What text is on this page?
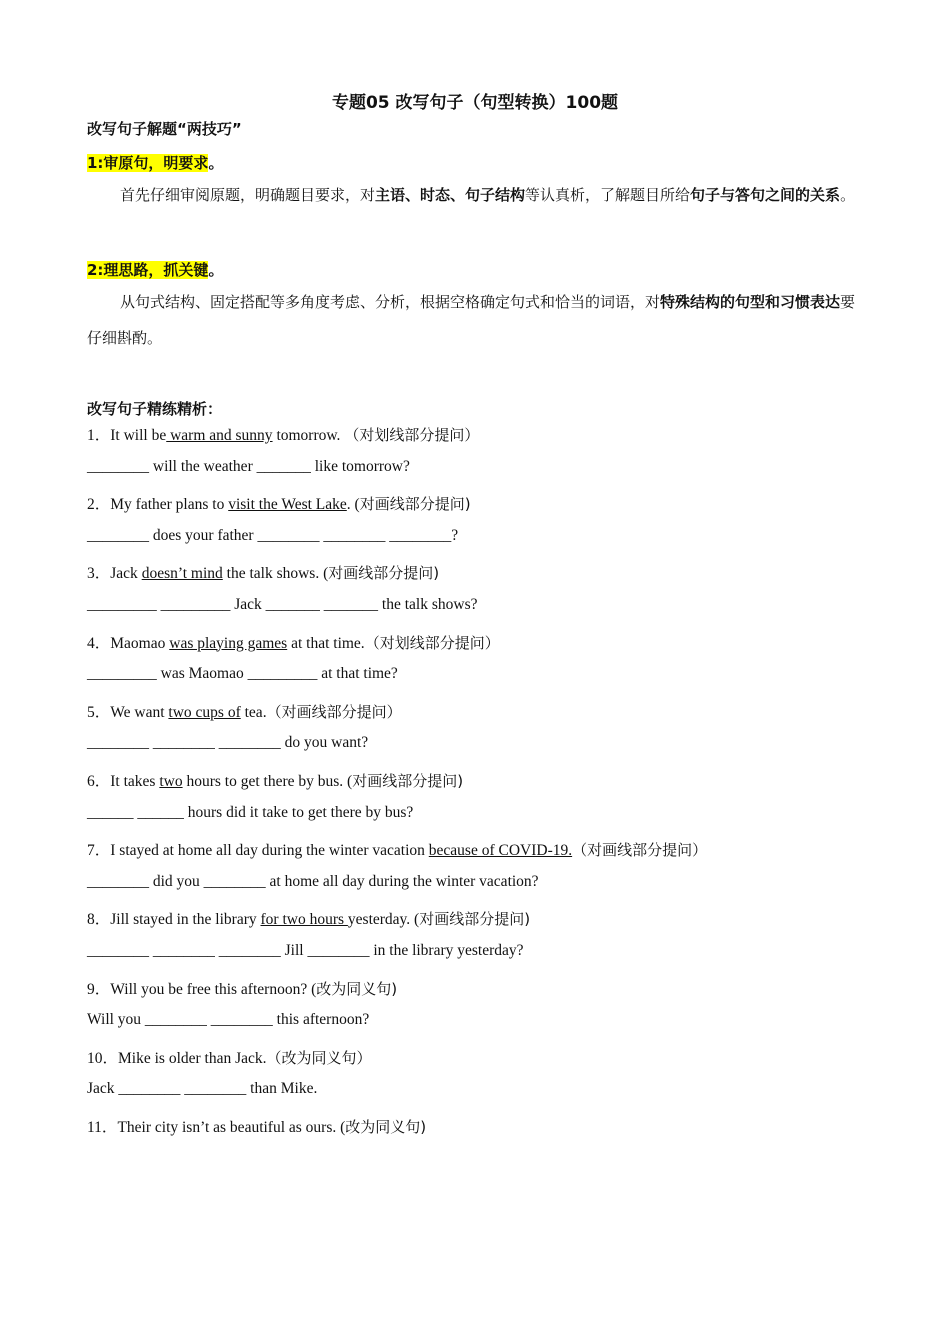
专题05 改写句子（句型转换）100题
改写句子解题“两技巧”
1:审原句，明要求。
首先仔细审阅原题，明确题目要求，对主语、时态、句子结构等认真析，了解题目所给句子与答句之间的关系。
2:理思路，抓关键。
从句式结构、固定搭配等多角度考虑、分析，根据空格确定句式和恰当的词语，对特殊结构的句型和习惯表达要仔细斟酌。
改写句子精练精析：
1．It will be warm and sunny tomorrow. （对划线部分提问）
________ will the weather _______ like tomorrow?
2．My father plans to visit the West Lake. (对画线部分提问)
________ does your father ________ ________ ________?
3．Jack doesn’t mind the talk shows. (对画线部分提问)
_________ _________ Jack _______ _______ the talk shows?
4．Maomao was playing games at that time.（对划线部分提问）
_________ was Maomao _________ at that time?
5．We want two cups of tea.（对画线部分提问）
________ ________ ________ do you want?
6．It takes two hours to get there by bus. (对画线部分提问)
______ ______ hours did it take to get there by bus?
7．I stayed at home all day during the winter vacation because of COVID-19.（对画线部分提问）
________ did you ________ at home all day during the winter vacation?
8．Jill stayed in the library for two hours yesterday. (对画线部分提问)
________ ________ ________ Jill ________ in the library yesterday?
9．Will you be free this afternoon? (改为同义句)
Will you ________ ________ this afternoon?
10．Mike is older than Jack.（改为同义句）
Jack ________ ________ than Mike.
11．Their city isn’t as beautiful as ours. (改为同义句)
